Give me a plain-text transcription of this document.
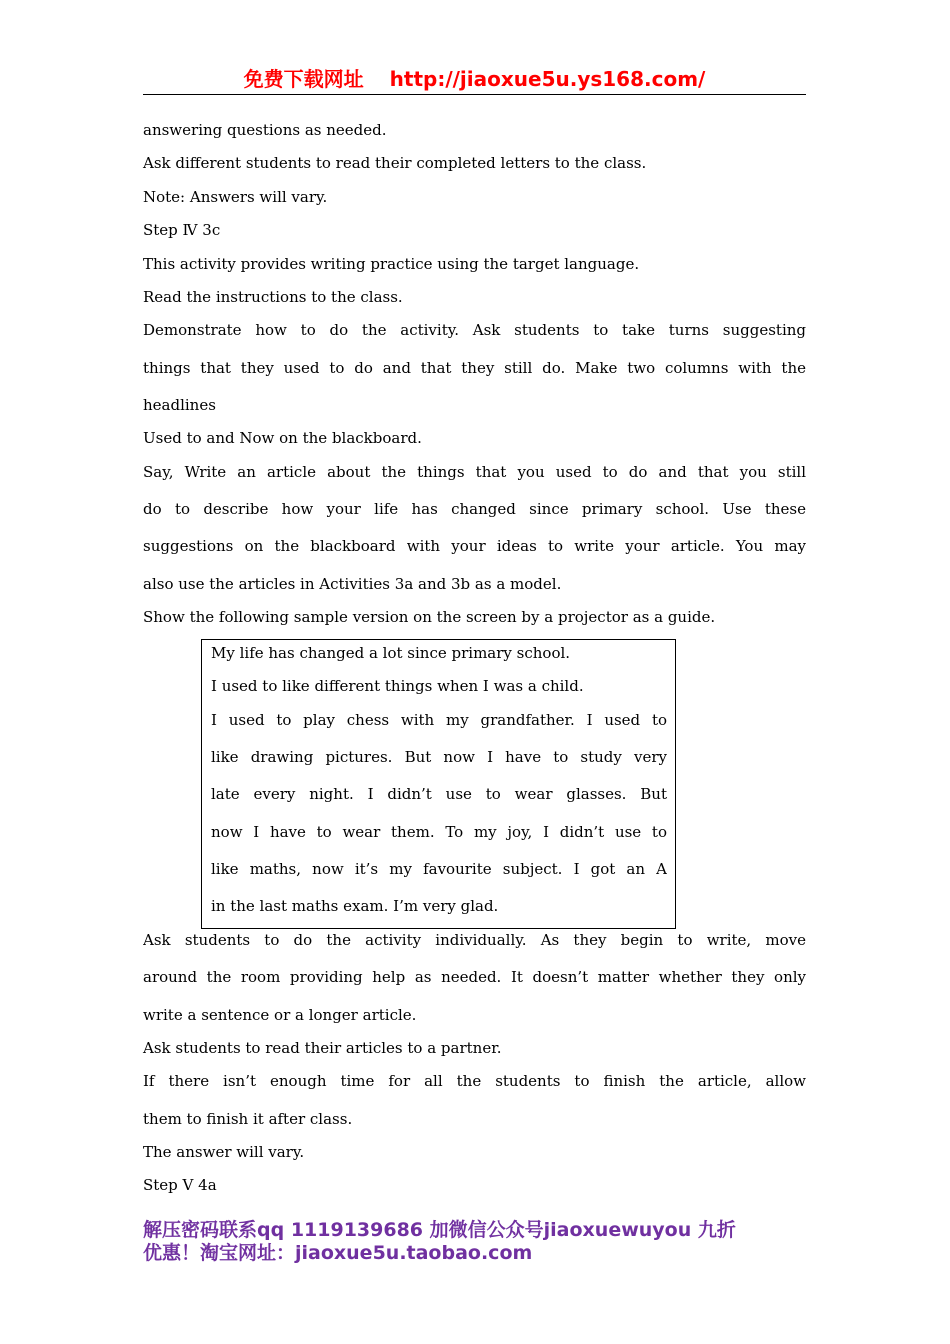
免费下载网址 http://jiaoxue5u.ys168.com/
answering questions as needed.
Ask different students to read their completed letters to the class.
Note: Answers will vary.
Step Ⅳ 3c
This activity provides writing practice using the target language.
Read the instructions to the class.
Demonstrate how to do the activity. Ask students to take turns suggesting
things that they used to do and that they still do. Make two columns with the
headlines
Used to and Now on the blackboard.
Say, Write an article about the things that you used to do and that you still
do to describe how your life has changed since primary school. Use these
suggestions on the blackboard with your ideas to write your article. You may
also use the articles in Activities 3a and 3b as a model.
Show the following sample version on the screen by a projector as a guide.
My life has changed a lot since primary school.
I used to like different things when I was a child.
I used to play chess with my grandfather. I used to
like drawing pictures. But now I have to study very
late every night. I didn’t use to wear glasses. But
now I have to wear them. To my joy, I didn’t use to
like maths, now it’s my favourite subject. I got an A
in the last maths exam. I’m very glad.
Ask students to do the activity individually. As they begin to write, move
around the room providing help as needed. It doesn’t matter whether they only
write a sentence or a longer article.
Ask students to read their articles to a partner.
If there isn’t enough time for all the students to finish the article, allow
them to finish it after class.
The answer will vary.
Step Ⅴ 4a
解压密码联系qq 1119139686 加微信公众号jiaoxuewuyou 九折
优惠！淘宝网址：jiaoxue5u.taobao.com
